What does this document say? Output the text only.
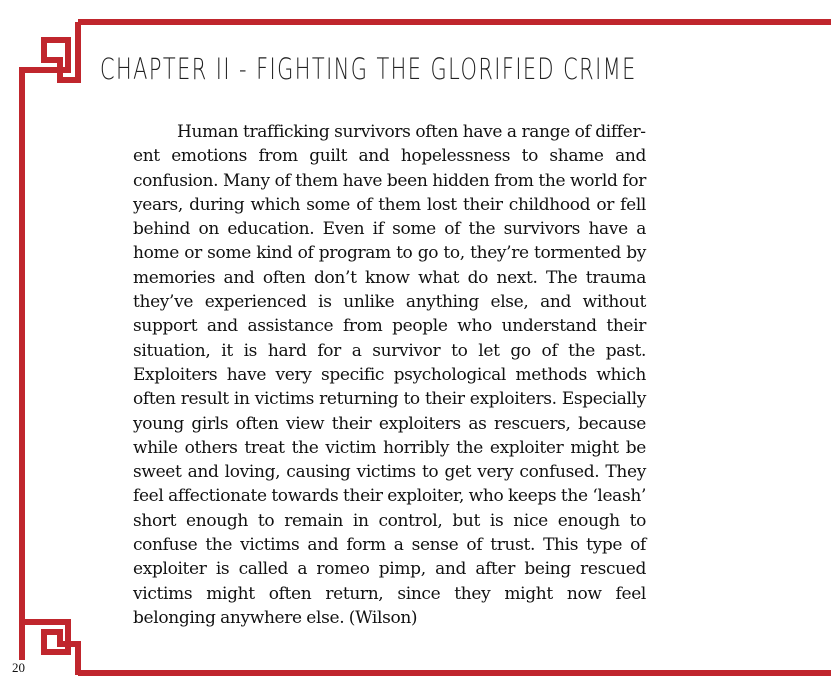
CHAPTER II - FIGHTING THE GLORIFIED CRIME

Human trafficking survivors often have a range of different emotions from guilt and hopelessness to shame and confusion. Many of them have been hidden from the world for years, during which some of them lost their childhood or fell behind on education. Even if some of the survivors have a home or some kind of program to go to, they’re tormented by memories and often don’t know what do next. The trauma they’ve experienced is unlike anything else, and without support and assistance from people who understand their situation, it is hard for a survivor to let go of the past. Exploiters have very specific psychological methods which often result in victims returning to their exploiters. Especially young girls often view their exploiters as rescuers, because while others treat the victim horribly the exploiter might be sweet and loving, causing victims to get very confused. They feel affectionate towards their exploiter, who keeps the ‘leash’ short enough to remain in control, but is nice enough to confuse the victims and form a sense of trust. This type of exploiter is called a romeo pimp, and after being rescued victims might often return, since they might now feel belonging anywhere else. (Wilson)

20
